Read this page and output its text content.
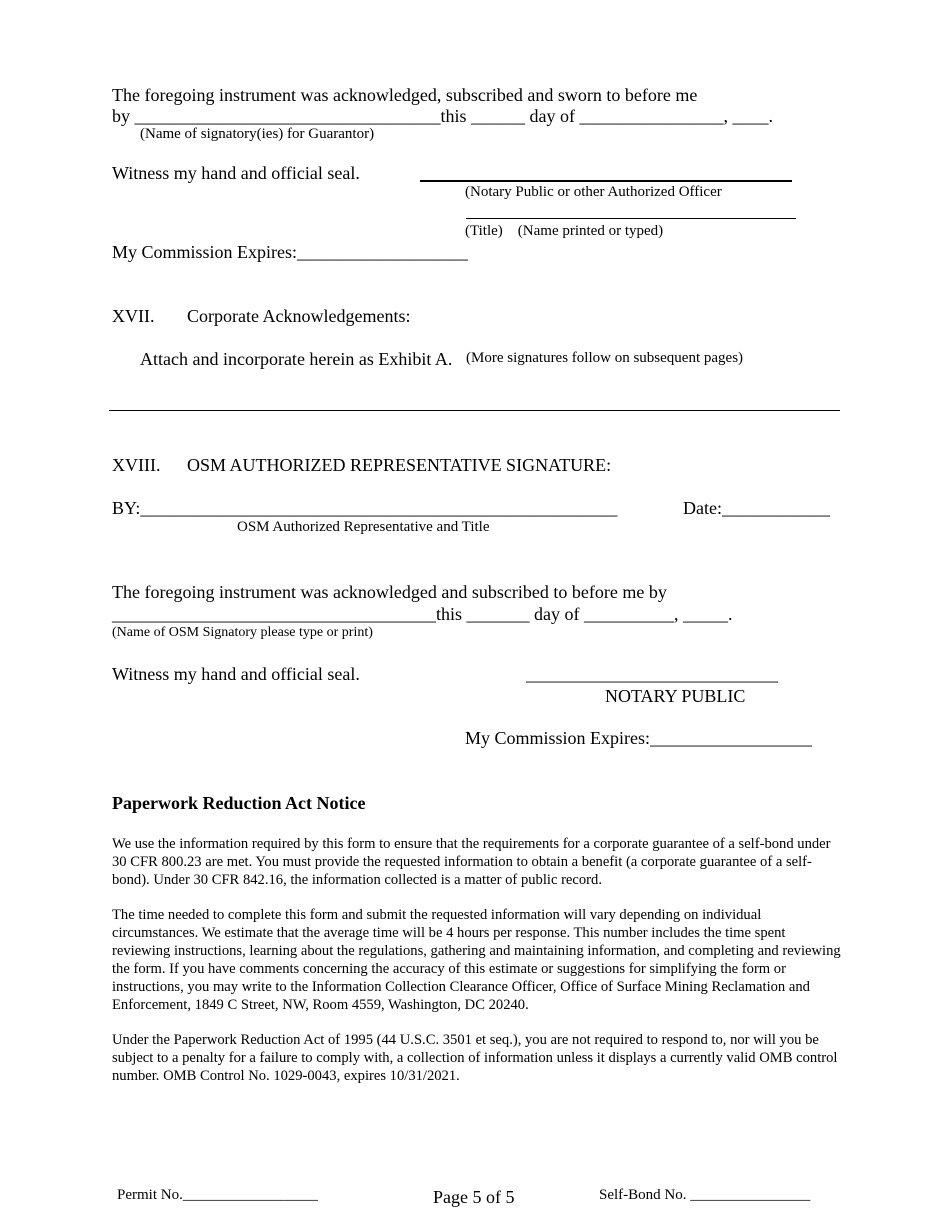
The foregoing instrument was acknowledged, subscribed and sworn to before me
by __________________________________this ______ day of ________________, ____.
(Name of signatory(ies) for Guarantor)
Witness my hand and official seal.
(Notary Public or other Authorized Officer
(Title)    (Name printed or typed)
My Commission Expires:___________________
XVII. Corporate Acknowledgements:
Attach and incorporate herein as Exhibit A. (More signatures follow on subsequent pages)
XVIII. OSM AUTHORIZED REPRESENTATIVE SIGNATURE:
BY:_____________________________________________________	Date:____________
OSM Authorized Representative and Title
The foregoing instrument was acknowledged and subscribed to before me by
____________________________________this _______ day of __________, _____.
(Name of OSM Signatory please type or print)
Witness my hand and official seal.	____________________________
NOTARY PUBLIC
My Commission Expires:__________________
Paperwork Reduction Act Notice
We use the information required by this form to ensure that the requirements for a corporate guarantee of a self-bond under 30 CFR 800.23 are met. You must provide the requested information to obtain a benefit (a corporate guarantee of a self-bond). Under 30 CFR 842.16, the information collected is a matter of public record.
The time needed to complete this form and submit the requested information will vary depending on individual circumstances. We estimate that the average time will be 4 hours per response. This number includes the time spent reviewing instructions, learning about the regulations, gathering and maintaining information, and completing and reviewing the form. If you have comments concerning the accuracy of this estimate or suggestions for simplifying the form or instructions, you may write to the Information Collection Clearance Officer, Office of Surface Mining Reclamation and Enforcement, 1849 C Street, NW, Room 4559, Washington, DC 20240.
Under the Paperwork Reduction Act of 1995 (44 U.S.C. 3501 et seq.), you are not required to respond to, nor will you be subject to a penalty for a failure to comply with, a collection of information unless it displays a currently valid OMB control number. OMB Control No. 1029-0043, expires 10/31/2021.
Permit No.__________________	Page 5 of 5	Self-Bond No. ________________
